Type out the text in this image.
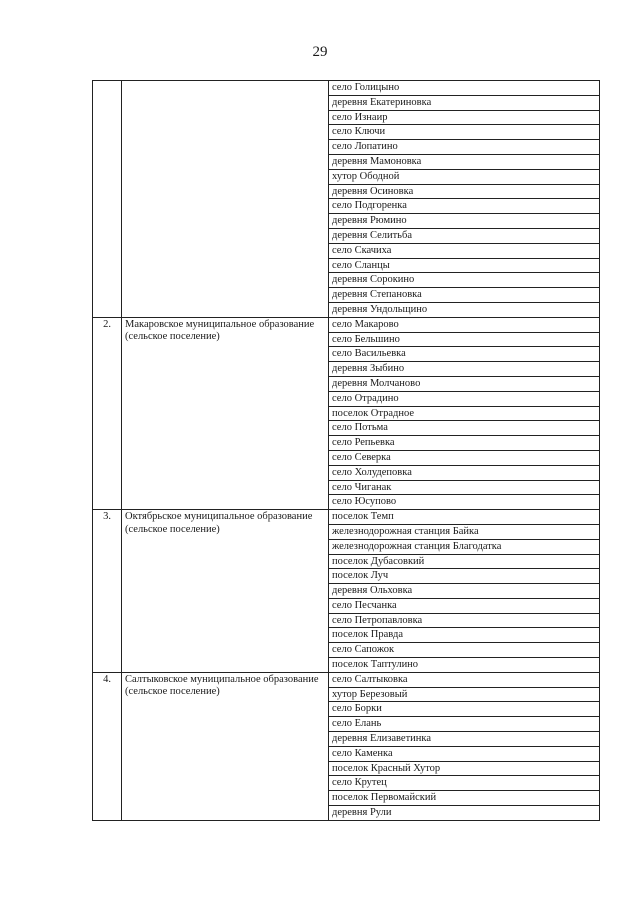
29
		село Голицыно
		деревня Екатериновка
		село Изнаир
		село Ключи
		село Лопатино
		деревня Мамоновка
		хутор Ободной
		деревня Осиновка
		село Подгоренка
		деревня Рюмино
		деревня Селитьба
		село Скачиха
		село Сланцы
		деревня Сорокино
		деревня Степановка
		деревня Ундольщино
2.	Макаровское муниципальное образование (сельское поселение)	село Макарово
		село Бельшино
		село Васильевка
		деревня Зыбино
		деревня Молчаново
		село Отрадино
		поселок Отрадное
		село Потьма
		село Репьевка
		село Северка
		село Холудеповка
		село Чиганак
		село Юсупово
3.	Октябрьское муниципальное образование (сельское поселение)	поселок Темп
		железнодорожная станция Байка
		железнодорожная станция Благодатка
		поселок Дубасовкий
		поселок Луч
		деревня Ольховка
		село Песчанка
		село Петропавловка
		поселок Правда
		село Сапожок
		поселок Таптулино
4.	Салтыковское муниципальное образование (сельское поселение)	село Салтыковка
		хутор Березовый
		село Борки
		село Елань
		деревня Елизаветинка
		село Каменка
		поселок Красный Хутор
		село Крутец
		поселок Первомайский
		деревня Рули
